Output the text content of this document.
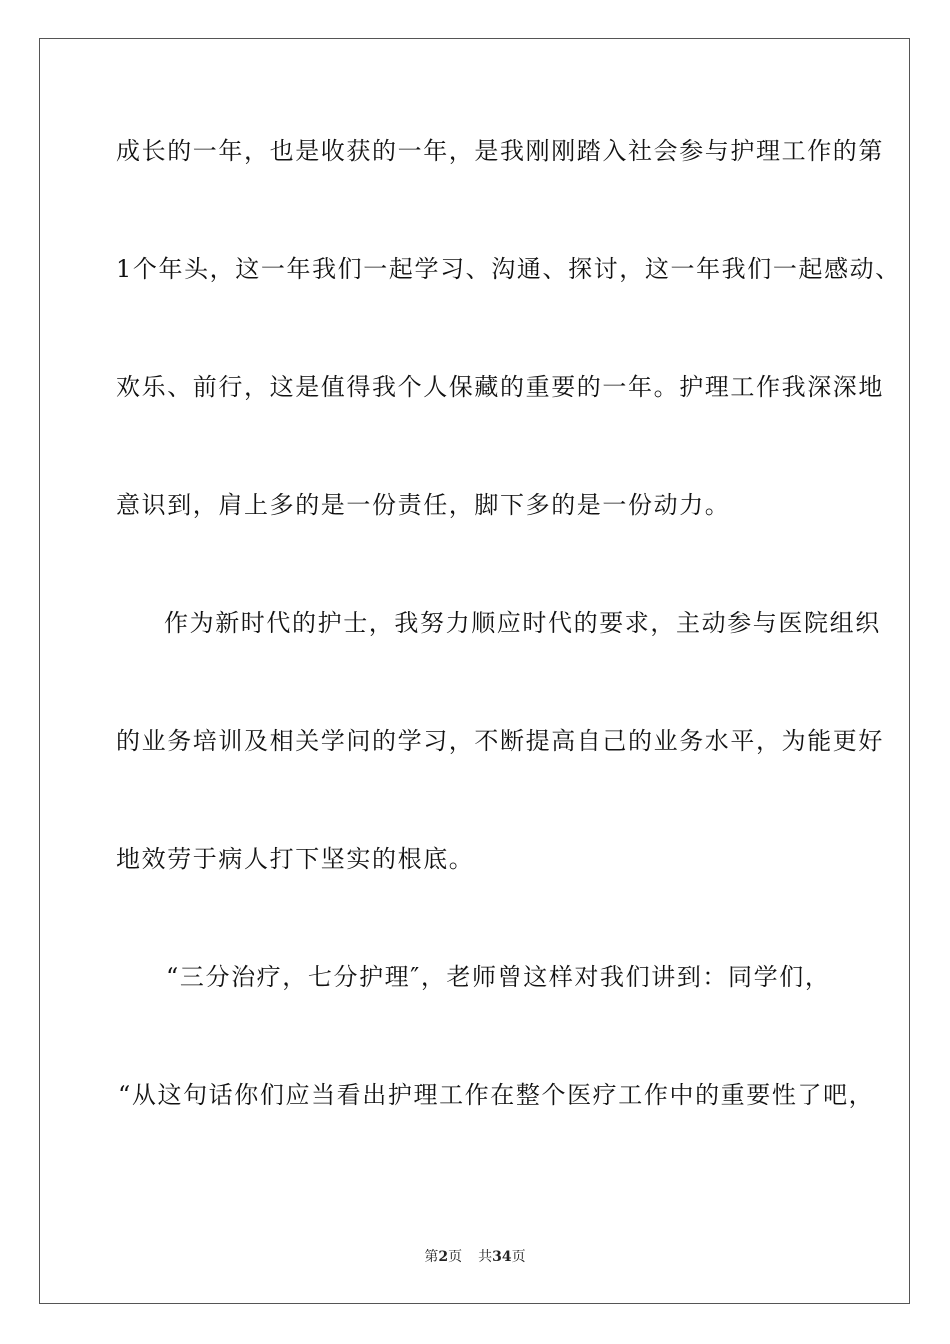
成长的一年，也是收获的一年，是我刚刚踏入社会参与护理工作的第
1个年头，这一年我们一起学习、沟通、探讨，这一年我们一起感动、
欢乐、前行，这是值得我个人保藏的重要的一年。护理工作我深深地
意识到，肩上多的是一份责任，脚下多的是一份动力。
作为新时代的护士，我努力顺应时代的要求，主动参与医院组织
的业务培训及相关学问的学习，不断提高自己的业务水平，为能更好
地效劳于病人打下坚实的根底。
“三分治疗，七分护理″，老师曾这样对我们讲到：同学们，
“从这句话你们应当看出护理工作在整个医疗工作中的重要性了吧，
第2页 共34页
